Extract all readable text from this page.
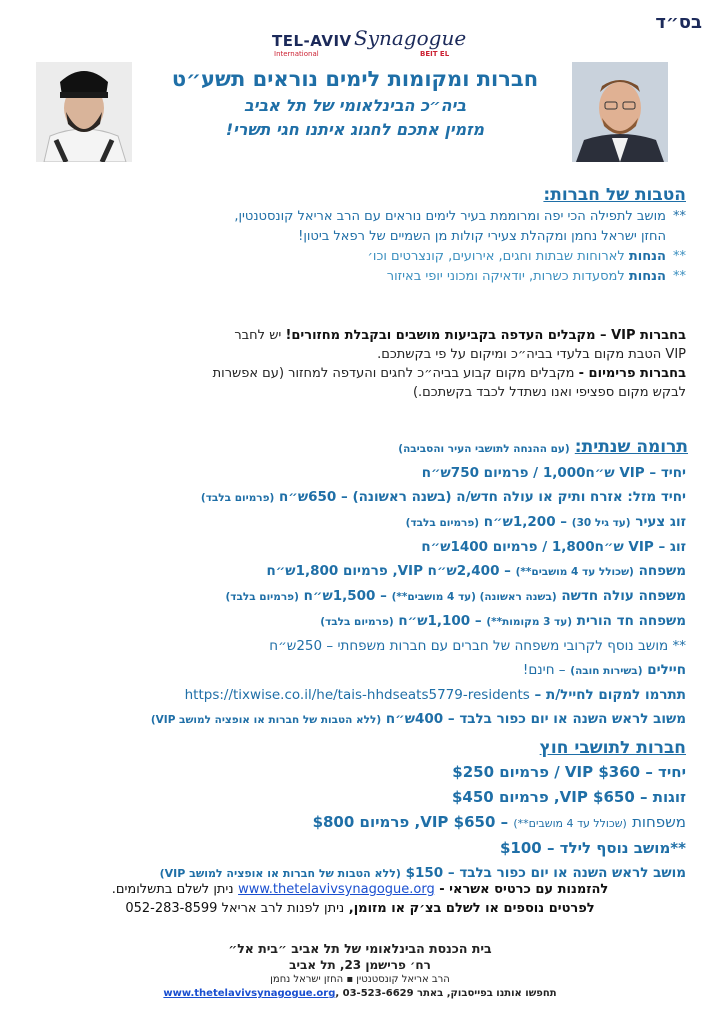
בס״ד
TEL-AVIV Synagogue
International	BEIT EL
חברות ומקומות לימים נוראים תשע״ט
ביה״כ הבינלאומי של תל אביב
מזמין אתכם לחגוג איתנו חגי תשרי!
הטבות של חברות:
**מושב לתפילה הכי יפה ומרוממת בעיר לימים נוראים עם הרב אריאל קונסטנטין,
החזן ישראל נחמן ומקהלת צעירי קולות מן השמיים של רפאל ביטון!
**הנחות לארוחות שבתות וחגים, אירועים, קונצרטים וכו׳
**הנחות למסעדות כשרות, יודאיקה ומכוני יופי באיזור
בחברות VIP – מקבלים העדפה בקביעות מושבים ובקבלת מחזורים! יש לחבר
VIP הטבת מקום בלעדי בביה״כ ומיקום על פי בקשתכם.
בחברות פרימיום - מקבלים מקום קבוע בביה״כ לחגים והעדפה למחזור (עם אפשרות
לבקש מקום ספציפי ואנו נשתדל לכבד בקשתכם.)
תרומה שנתית: (עם ההנחה לתושבי העיר והסביבה)
יחיד – VIP ש״ח1,000 / פרמיום 750ש״ח
יחיד מזל: אזרח ותיק או עולה חדש/ה (בשנה ראשונה) – 650ש״ח (פרמיום בלבד)
זוג צעיר (עד גיל 30) – 1,200ש״ח (פרמיום בלבד)
זוג – VIP ש״ח1,800 / פרמיום 1400ש״ח
משפחה (שכולל עד 4 מושבים**) – 2,400ש״ח VIP, פרמיום 1,800ש״ח
משפחה עולה חדשה (בשנה ראשונה) (עד 4 מושבים**) – 1,500ש״ח (פרמיום בלבד)
משפחה חד הורית (עד 3 מקומות**) – 1,100ש״ח (פרמיום בלבד)
** מושב נוסף לקרובי משפחה של חברים עם חברות משפחתי – 250ש״ח
חיילים (בשירות חובה) – חינם!
תתרמו למקום לחייל/ת – https://tixwise.co.il/he/tais-hhdseats5779-residents
משוב לראש השנה או יום כפור בלבד – 400ש״ח (ללא הטבות של חברות או אופציה למושב VIP)
חברות לתושבי חוץ
יחיד – $360 VIP / פרמיום $250
זוגות – $650 VIP, פרמיום $450
משפחות (שכולל עד 4 מושבים**) – $650 VIP, פרמיום $800
**מושב נוסף לילד – $100
מושב לראש השנה או יום כפור בלבד – $150 (ללא הטבות של חברות או אופציה למושב VIP)
להזמנות עם כרטיס אשראי - www.thetelavivsynagogue.org ניתן לשלם בתשלומים.
לפרטים נוספים או לשלם בצ׳ק או מזומן, ניתן לפנות לרב אריאל 052-283-8599
בית הכנסת הבינלאומי של תל אביב ״בית אל״
רח׳ פרישמן 23, תל אביב
הרב אריאל קונסטנטין ▪ החזן ישראל נחמן
תחפשו אותנו בפייסבוק, באתר www.thetelavivsynagogue.org, 03-523-6629
